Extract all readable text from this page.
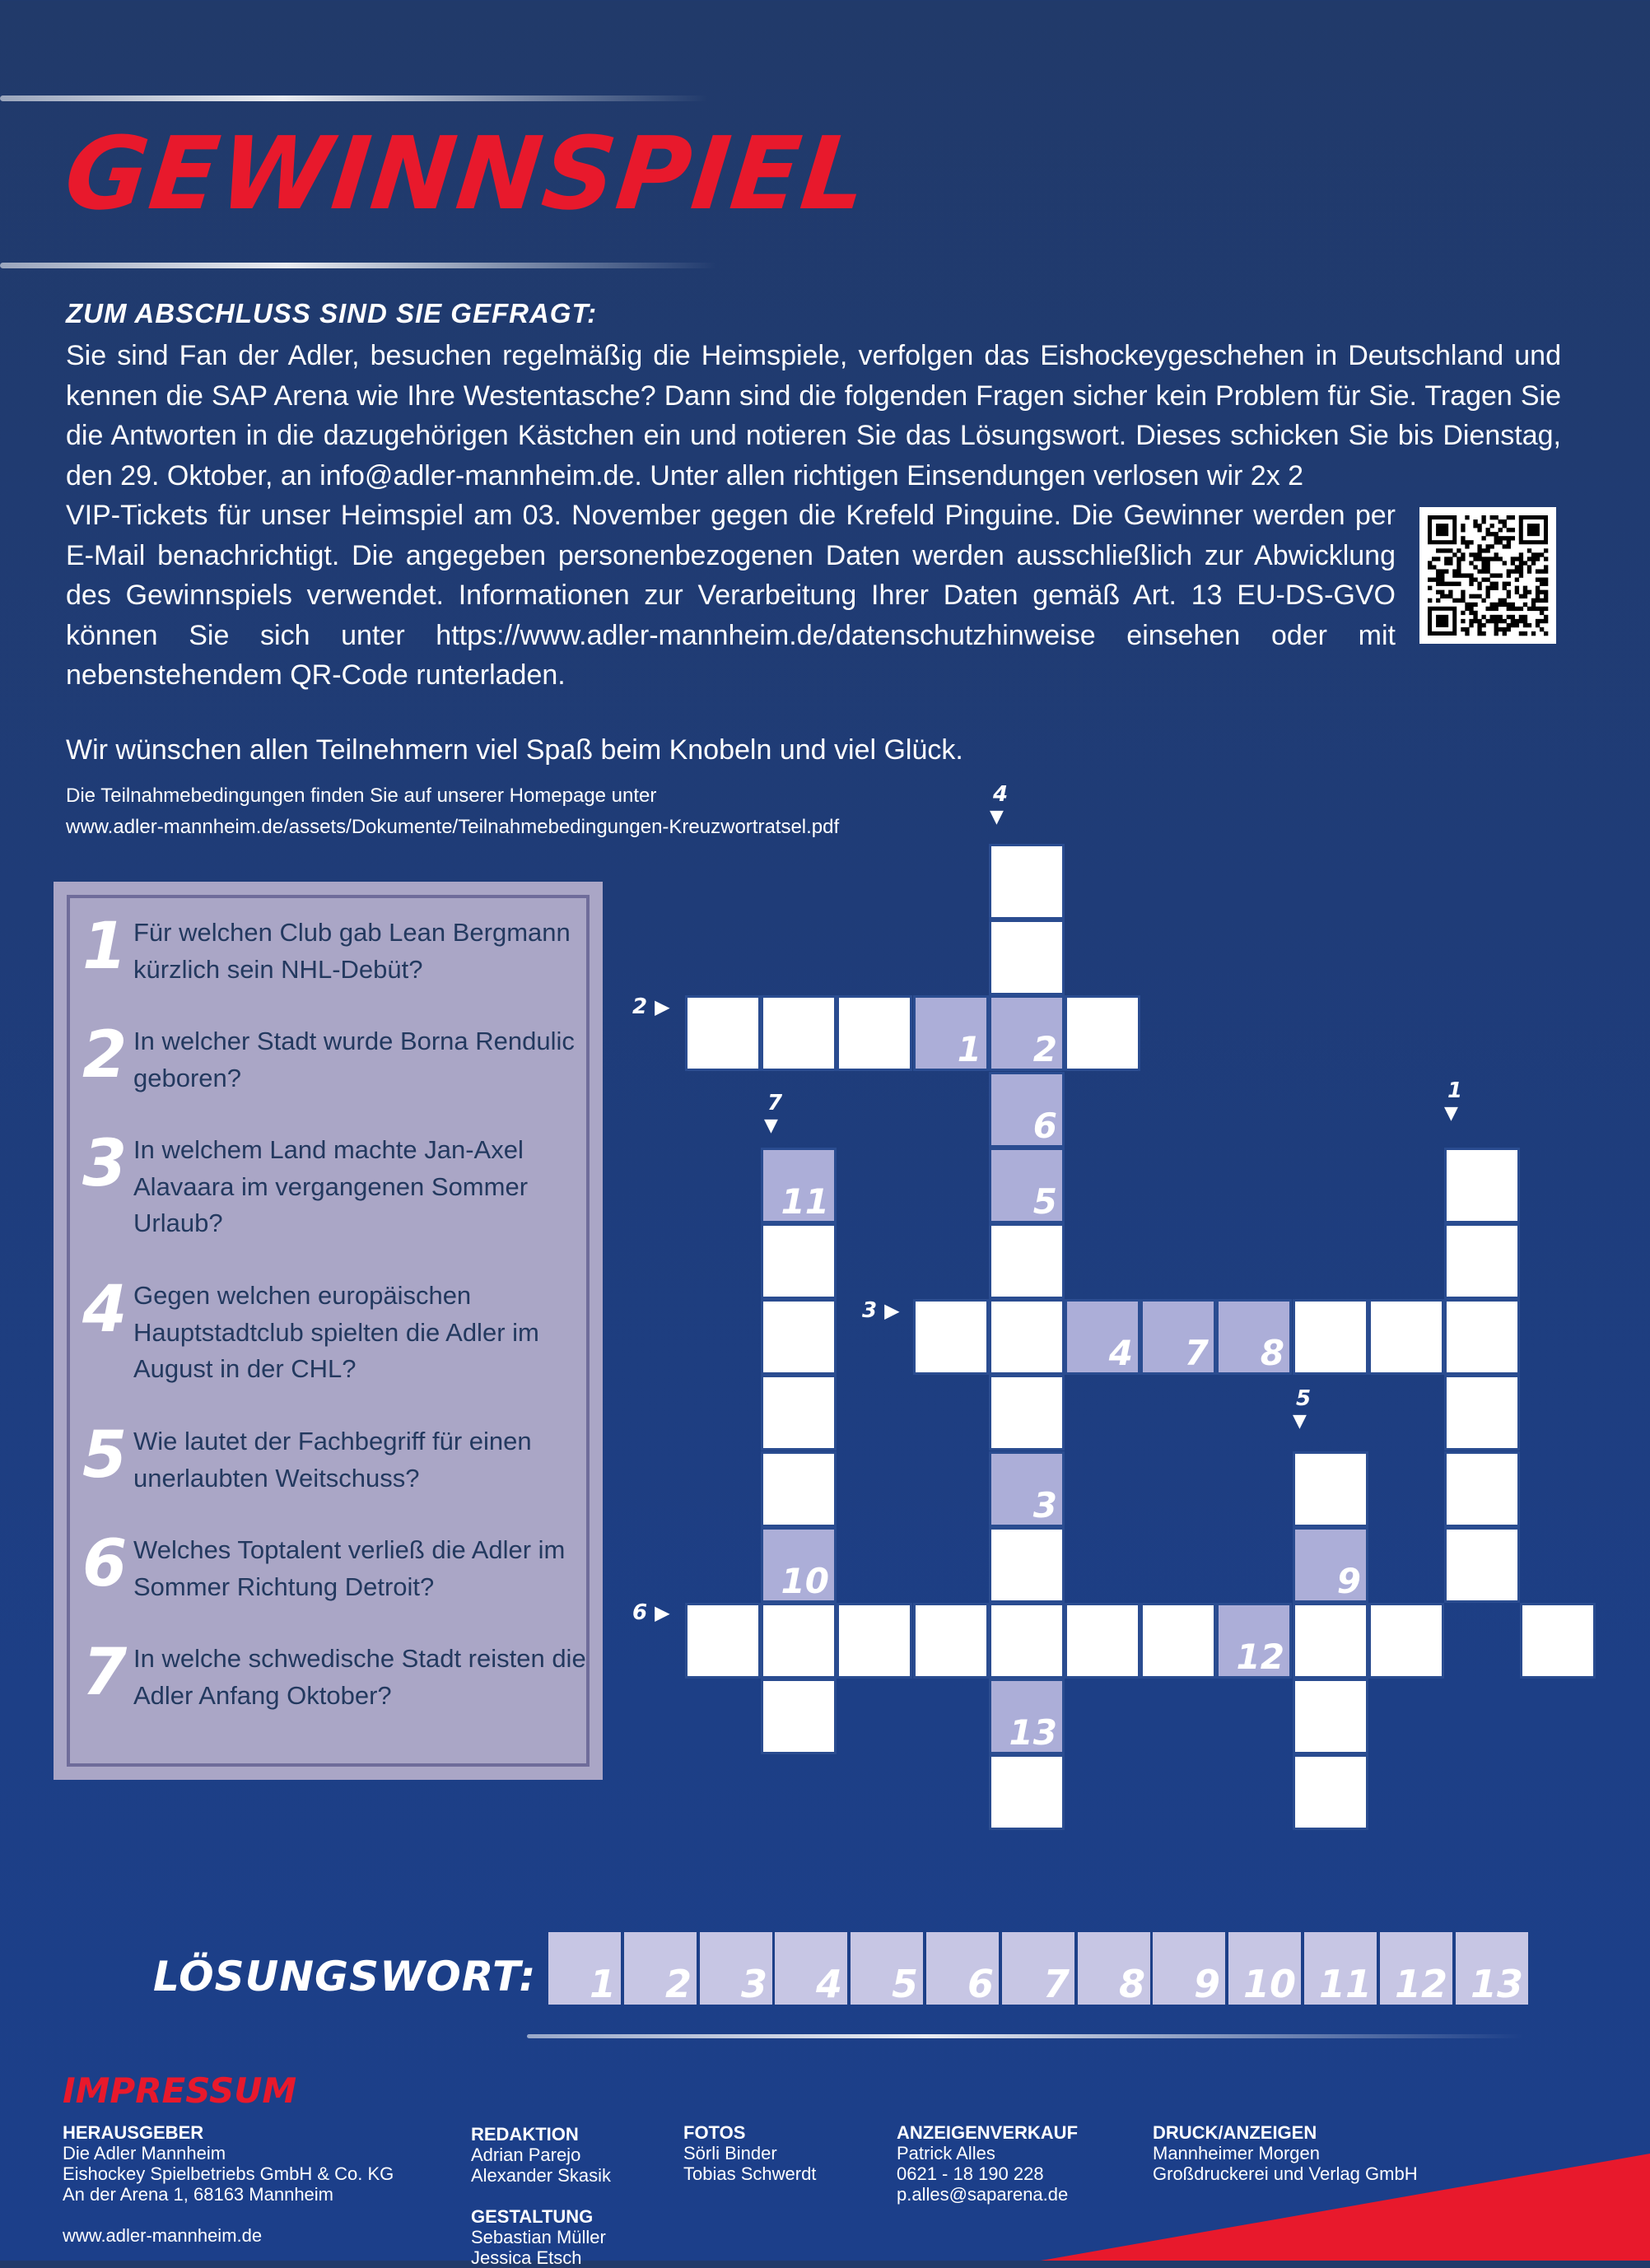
GEWINNSPIEL
ZUM ABSCHLUSS SIND SIE GEFRAGT:
Sie sind Fan der Adler, besuchen regelmäßig die Heimspiele, verfolgen das Eishockeygeschehen in Deutschland und kennen die SAP Arena wie Ihre Westentasche? Dann sind die folgenden Fragen sicher kein Problem für Sie. Tragen Sie die Antworten in die dazugehörigen Kästchen ein und notieren Sie das Lösungswort. Dieses schicken Sie bis Dienstag, den 29. Oktober, an info@adler-mannheim.de. Unter allen richtigen Einsendungen verlosen wir 2x 2
VIP-Tickets für unser Heimspiel am 03. November gegen die Krefeld Pinguine. Die Gewinner werden per E-Mail benachrichtigt. Die angegeben personenbezogenen Daten werden ausschließlich zur Abwicklung des Gewinnspiels verwendet. Informationen zur Verarbeitung Ihrer Daten gemäß Art. 13 EU-DS-GVO können Sie sich unter https://www.adler-mannheim.de/datenschutzhinweise einsehen oder mit nebenstehendem QR-Code runterladen.
Wir wünschen allen Teilnehmern viel Spaß beim Knobeln und viel Glück.
Die Teilnahmebedingungen finden Sie auf unserer Homepage unter
www.adler-mannheim.de/assets/Dokumente/Teilnahmebedingungen-Kreuzwortratsel.pdf
1 Für welchen Club gab Lean Bergmann kürzlich sein NHL-Debüt?
2 In welcher Stadt wurde Borna Rendulic geboren?
3 In welchem Land machte Jan-Axel Alavaara im vergangenen Sommer Urlaub?
4 Gegen welchen europäischen Hauptstadtclub spielten die Adler im August in der CHL?
5 Wie lautet der Fachbegriff für einen unerlaubten Weitschuss?
6 Welches Toptalent verließ die Adler im Sommer Richtung Detroit?
7 In welche schwedische Stadt reisten die Adler Anfang Oktober?
2
6
5
3
13
1
11
10
4 7 8
9
12
4
▼
2 ▶
7
▼
1
▼
3 ▶
5
▼
6 ▶
LÖSUNGSWORT: 1 2 3 4 5 6 7 8 9 10 11 12 13
IMPRESSUM
HERAUSGEBER
Die Adler Mannheim
Eishockey Spielbetriebs GmbH & Co. KG
An der Arena 1, 68163 Mannheim
www.adler-mannheim.de
REDAKTION
Adrian Parejo
Alexander Skasik
GESTALTUNG
Sebastian Müller
Jessica Etsch
FOTOS
Sörli Binder
Tobias Schwerdt
ANZEIGENVERKAUF
Patrick Alles
0621 - 18 190 228
p.alles@saparena.de
DRUCK/ANZEIGEN
Mannheimer Morgen
Großdruckerei und Verlag GmbH
